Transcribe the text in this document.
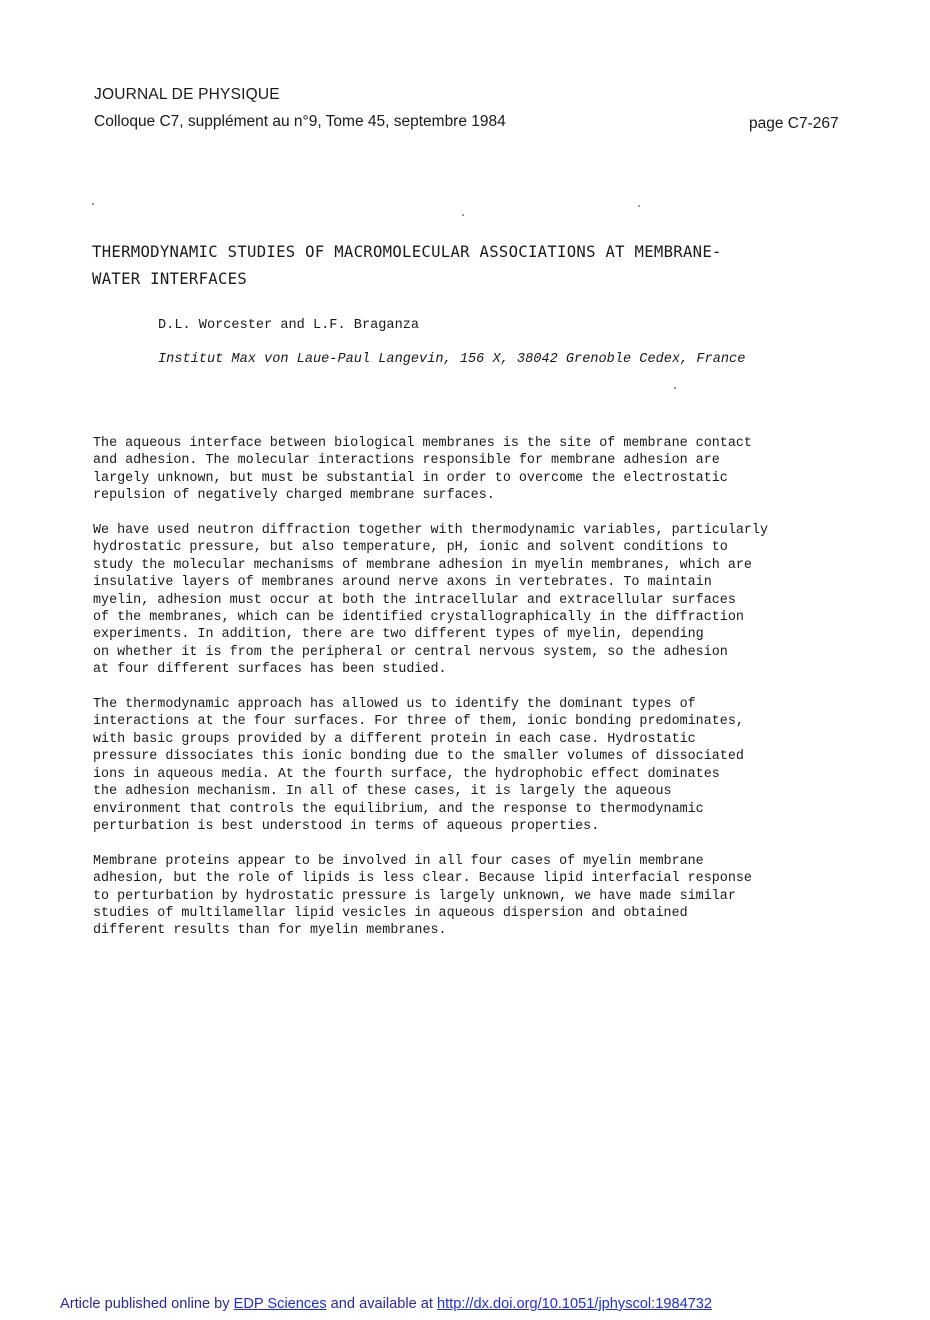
JOURNAL DE PHYSIQUE
Colloque C7, supplément au n°9, Tome 45, septembre 1984	page C7-267
THERMODYNAMIC STUDIES OF MACROMOLECULAR ASSOCIATIONS AT MEMBRANE-
WATER INTERFACES
D.L. Worcester and L.F. Braganza
Institut Max von Laue-Paul Langevin, 156 X, 38042 Grenoble Cedex, France

The aqueous interface between biological membranes is the site of membrane contact
and adhesion. The molecular interactions responsible for membrane adhesion are
largely unknown, but must be substantial in order to overcome the electrostatic
repulsion of negatively charged membrane surfaces.

We have used neutron diffraction together with thermodynamic variables, particularly
hydrostatic pressure, but also temperature, pH, ionic and solvent conditions to
study the molecular mechanisms of membrane adhesion in myelin membranes, which are
insulative layers of membranes around nerve axons in vertebrates. To maintain
myelin, adhesion must occur at both the intracellular and extracellular surfaces
of the membranes, which can be identified crystallographically in the diffraction
experiments. In addition, there are two different types of myelin, depending
on whether it is from the peripheral or central nervous system, so the adhesion
at four different surfaces has been studied.

The thermodynamic approach has allowed us to identify the dominant types of
interactions at the four surfaces. For three of them, ionic bonding predominates,
with basic groups provided by a different protein in each case. Hydrostatic
pressure dissociates this ionic bonding due to the smaller volumes of dissociated
ions in aqueous media. At the fourth surface, the hydrophobic effect dominates
the adhesion mechanism. In all of these cases, it is largely the aqueous
environment that controls the equilibrium, and the response to thermodynamic
perturbation is best understood in terms of aqueous properties.

Membrane proteins appear to be involved in all four cases of myelin membrane
adhesion, but the role of lipids is less clear. Because lipid interfacial response
to perturbation by hydrostatic pressure is largely unknown, we have made similar
studies of multilamellar lipid vesicles in aqueous dispersion and obtained
different results than for myelin membranes.

Article published online by EDP Sciences and available at http://dx.doi.org/10.1051/jphyscol:1984732
